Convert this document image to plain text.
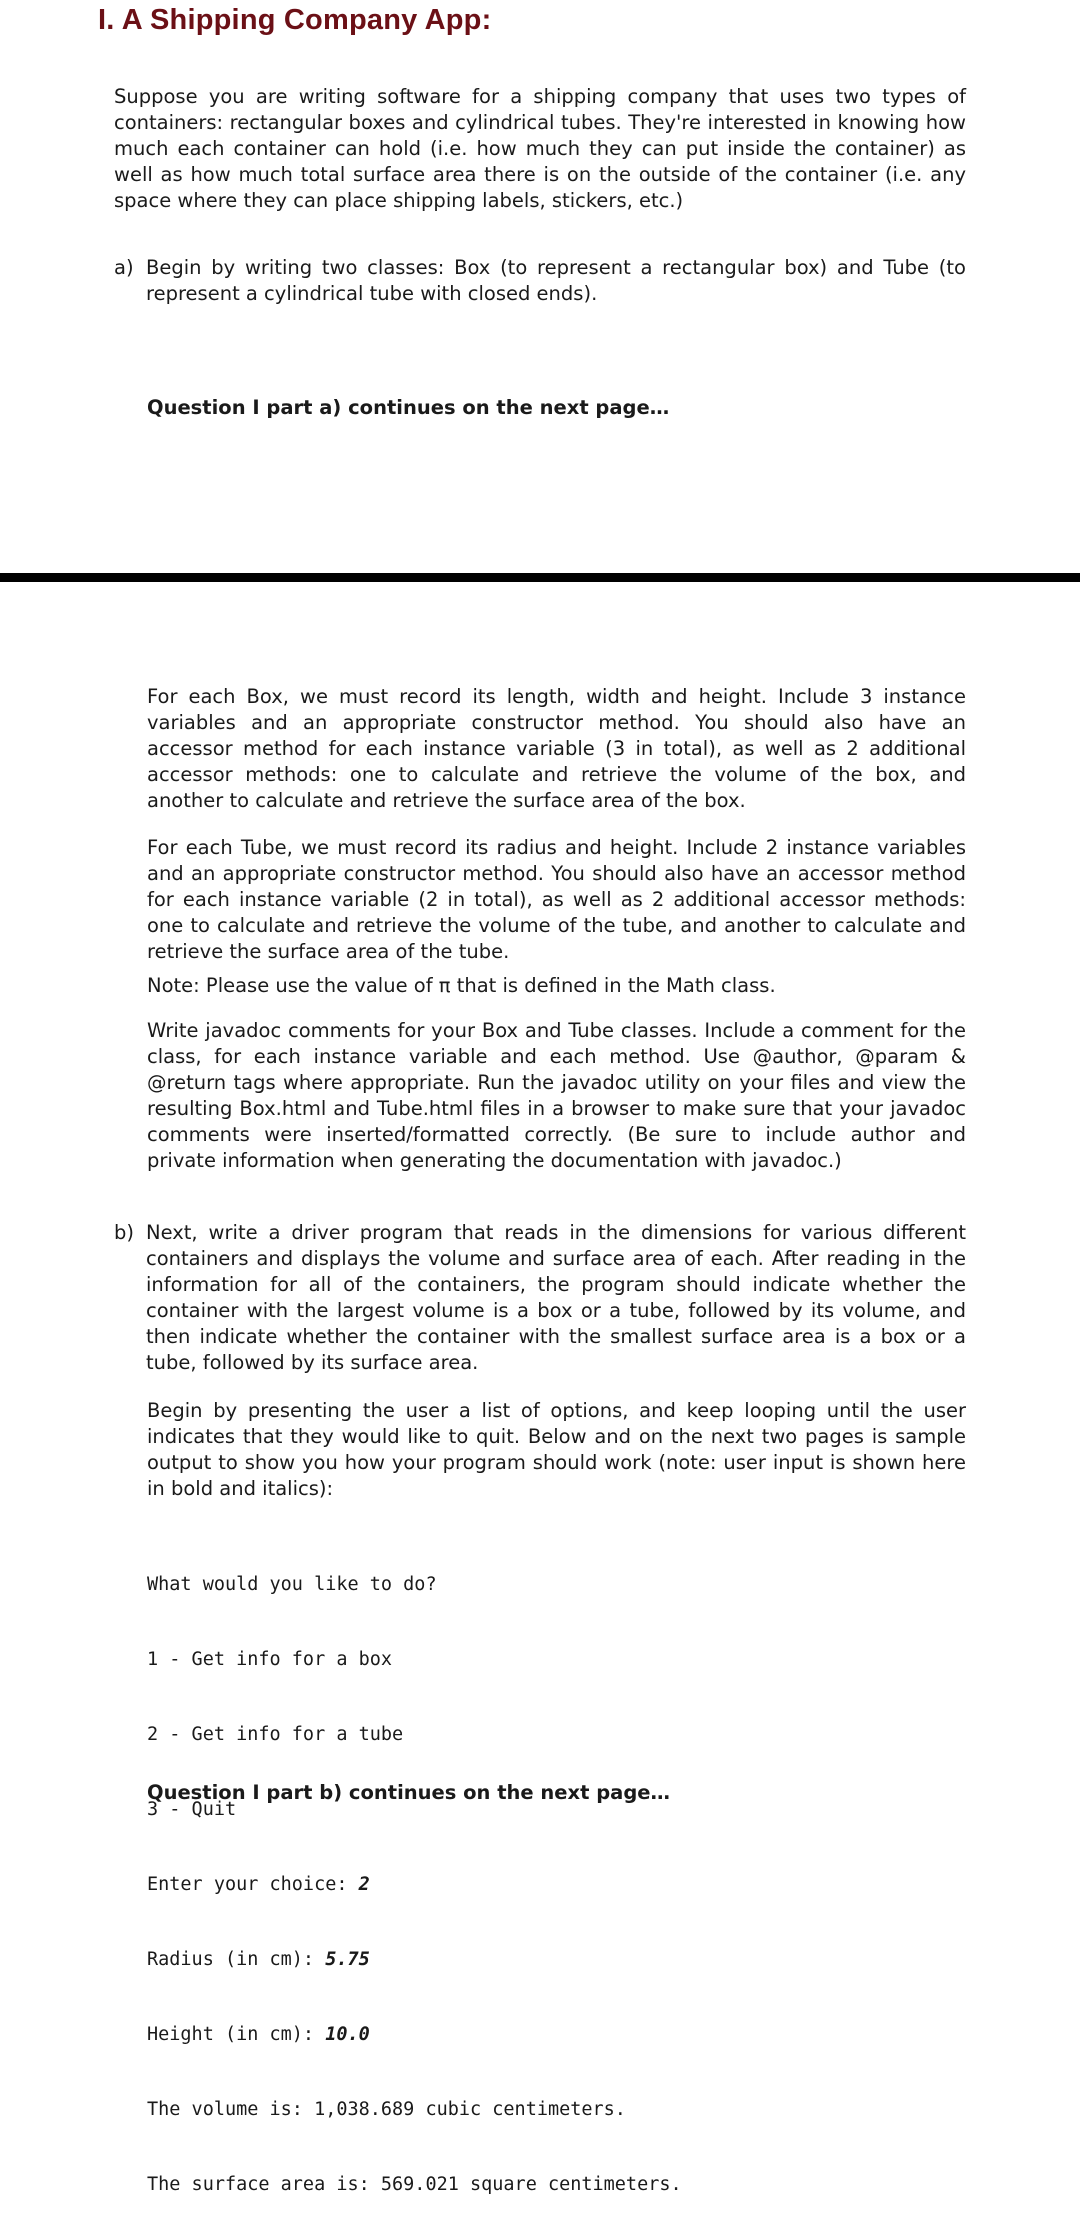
I. A Shipping Company App:

Suppose you are writing software for a shipping company that uses two types of containers: rectangular boxes and cylindrical tubes. They're interested in knowing how much each container can hold (i.e. how much they can put inside the container) as well as how much total surface area there is on the outside of the container (i.e. any space where they can place shipping labels, stickers, etc.)

a) Begin by writing two classes: Box (to represent a rectangular box) and Tube (to represent a cylindrical tube with closed ends).

Question I part a) continues on the next page…

For each Box, we must record its length, width and height. Include 3 instance variables and an appropriate constructor method. You should also have an accessor method for each instance variable (3 in total), as well as 2 additional accessor methods: one to calculate and retrieve the volume of the box, and another to calculate and retrieve the surface area of the box.

For each Tube, we must record its radius and height. Include 2 instance variables and an appropriate constructor method. You should also have an accessor method for each instance variable (2 in total), as well as 2 additional accessor methods: one to calculate and retrieve the volume of the tube, and another to calculate and retrieve the surface area of the tube.

Note: Please use the value of π that is defined in the Math class.

Write javadoc comments for your Box and Tube classes. Include a comment for the class, for each instance variable and each method. Use @author, @param & @return tags where appropriate. Run the javadoc utility on your files and view the resulting Box.html and Tube.html files in a browser to make sure that your javadoc comments were inserted/formatted correctly. (Be sure to include author and private information when generating the documentation with javadoc.)

b) Next, write a driver program that reads in the dimensions for various different containers and displays the volume and surface area of each. After reading in the information for all of the containers, the program should indicate whether the container with the largest volume is a box or a tube, followed by its volume, and then indicate whether the container with the smallest surface area is a box or a tube, followed by its surface area.

Begin by presenting the user a list of options, and keep looping until the user indicates that they would like to quit. Below and on the next two pages is sample output to show you how your program should work (note: user input is shown here in bold and italics):

What would you like to do?

1 - Get info for a box

2 - Get info for a tube

3 - Quit

Enter your choice: 2

Radius (in cm): 5.75

Height (in cm): 10.0

The volume is: 1,038.689 cubic centimeters.

The surface area is: 569.021 square centimeters.

Question I part b) continues on the next page…
